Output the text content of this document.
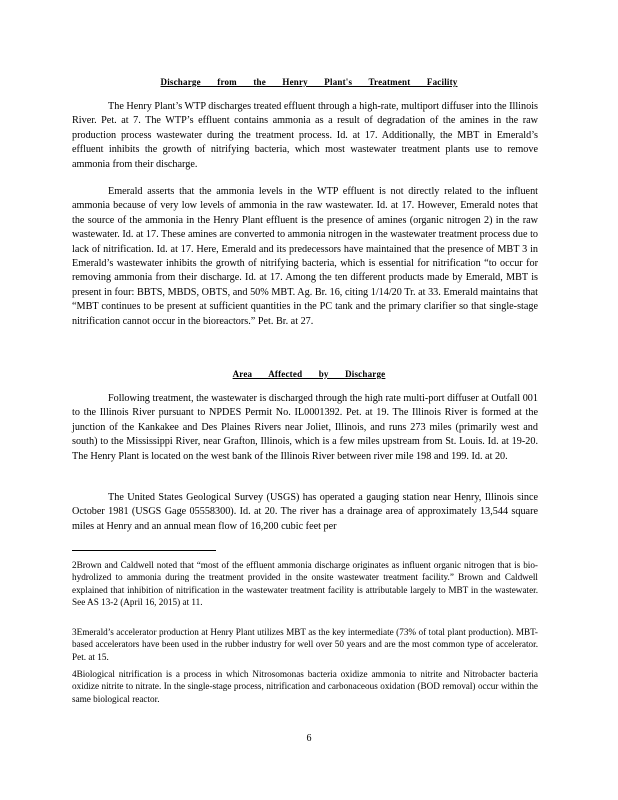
Discharge from the Henry Plant's Treatment Facility
The Henry Plant’s WTP discharges treated effluent through a high-rate, multiport diffuser into the Illinois River. Pet. at 7. The WTP’s effluent contains ammonia as a result of degradation of the amines in the raw production process wastewater during the treatment process. Id. at 17. Additionally, the MBT in Emerald’s effluent inhibits the growth of nitrifying bacteria, which most wastewater treatment plants use to remove ammonia from their discharge.
Emerald asserts that the ammonia levels in the WTP effluent is not directly related to the influent ammonia because of very low levels of ammonia in the raw wastewater. Id. at 17. However, Emerald notes that the source of the ammonia in the Henry Plant effluent is the presence of amines (organic nitrogen 2) in the raw wastewater. Id. at 17. These amines are converted to ammonia nitrogen in the wastewater treatment process due to lack of nitrification. Id. at 17. Here, Emerald and its predecessors have maintained that the presence of MBT 3 in Emerald’s wastewater inhibits the growth of nitrifying bacteria, which is essential for nitrification “to occur for removing ammonia from their discharge. Id. at 17. Among the ten different products made by Emerald, MBT is present in four: BBTS, MBDS, OBTS, and 50% MBT. Ag. Br. 16, citing 1/14/20 Tr. at 33. Emerald maintains that “MBT continues to be present at sufficient quantities in the PC tank and the primary clarifier so that single-stage nitrification cannot occur in the bioreactors.” Pet. Br. at 27.
Area Affected by Discharge
Following treatment, the wastewater is discharged through the high rate multi-port diffuser at Outfall 001 to the Illinois River pursuant to NPDES Permit No. IL0001392. Pet. at 19. The Illinois River is formed at the junction of the Kankakee and Des Plaines Rivers near Joliet, Illinois, and runs 273 miles (primarily west and south) to the Mississippi River, near Grafton, Illinois, which is a few miles upstream from St. Louis. Id. at 19-20. The Henry Plant is located on the west bank of the Illinois River between river mile 198 and 199. Id. at 20.
The United States Geological Survey (USGS) has operated a gauging station near Henry, Illinois since October 1981 (USGS Gage 05558300). Id. at 20. The river has a drainage area of approximately 13,544 square miles at Henry and an annual mean flow of 16,200 cubic feet per
2Brown and Caldwell noted that “most of the effluent ammonia discharge originates as influent organic nitrogen that is bio-hydrolized to ammonia during the treatment provided in the onsite wastewater treatment facility.” Brown and Caldwell explained that inhibition of nitrification in the wastewater treatment facility is attributable largely to MBT in the wastewater. See AS 13-2 (April 16, 2015) at 11.
3Emerald’s accelerator production at Henry Plant utilizes MBT as the key intermediate (73% of total plant production). MBT-based accelerators have been used in the rubber industry for well over 50 years and are the most common type of accelerator. Pet. at 15.
4Biological nitrification is a process in which Nitrosomonas bacteria oxidize ammonia to nitrite and Nitrobacter bacteria oxidize nitrite to nitrate. In the single-stage process, nitrification and carbonaceous oxidation (BOD removal) occur within the same biological reactor.
6
